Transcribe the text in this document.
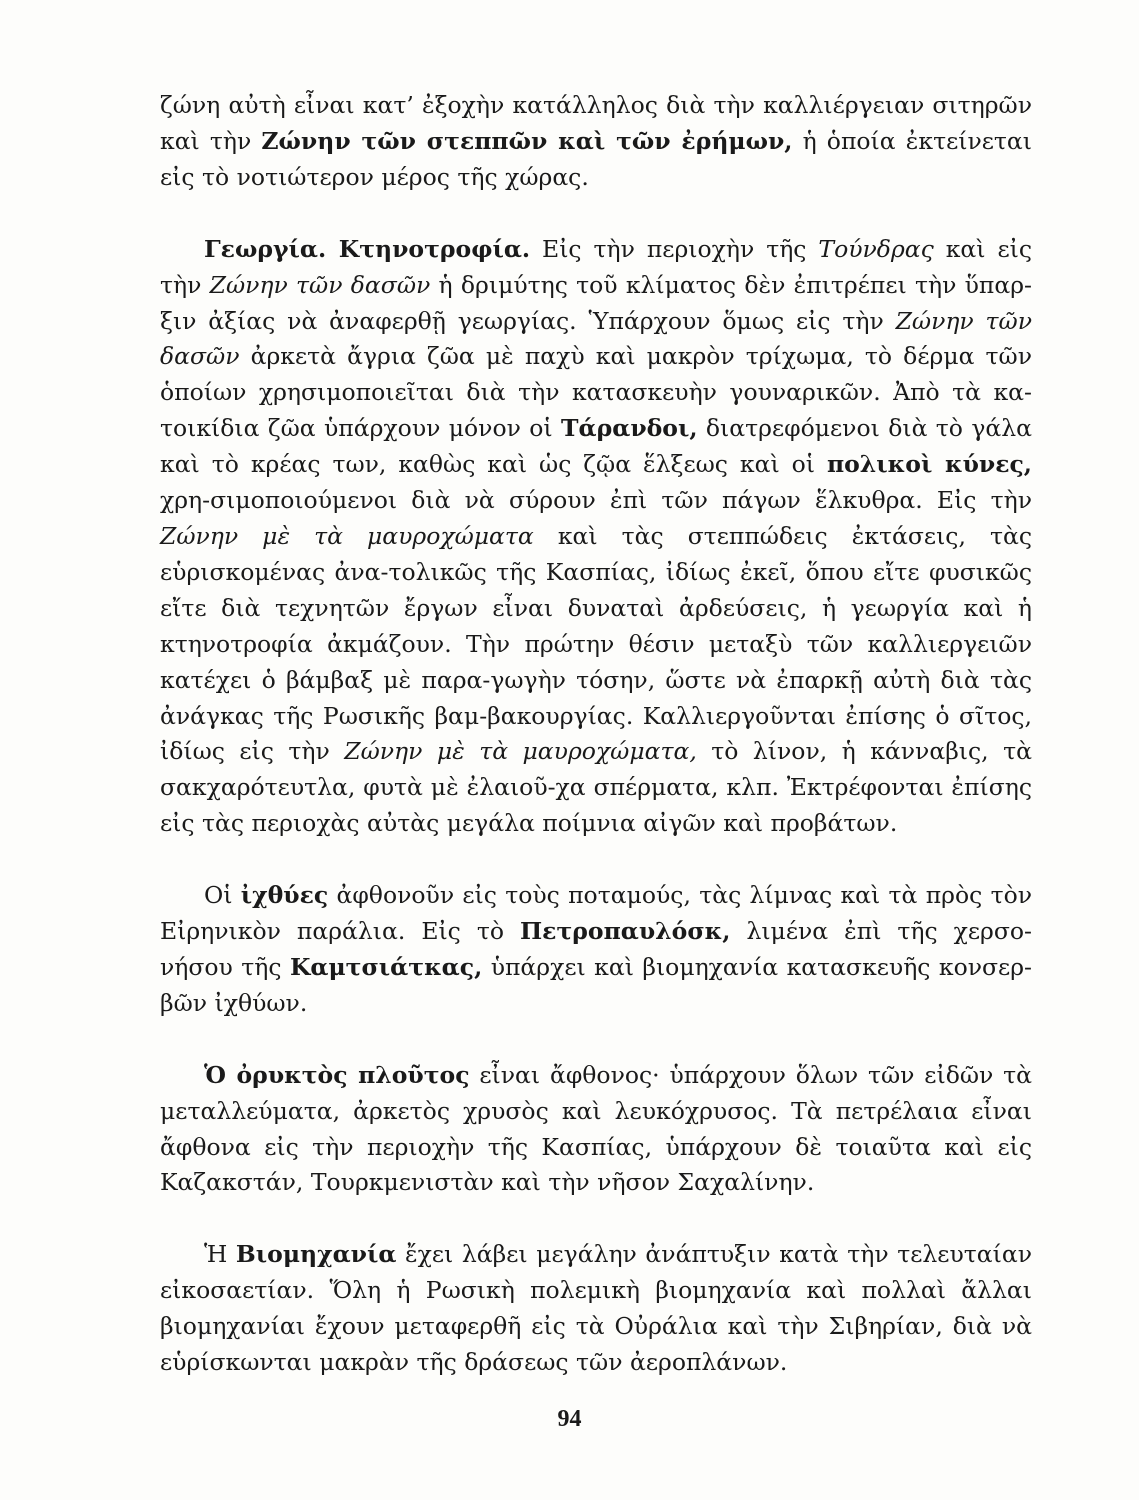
ζώνη αὐτὴ εἶναι κατ’ ἐξοχὴν κατάλληλος διὰ τὴν καλλιέργειαν σιτηρῶν καὶ τὴν Ζώνην τῶν στεππῶν καὶ τῶν ἐρήμων, ἡ ὁποία ἐκτείνεται εἰς τὸ νοτιώτερον μέρος τῆς χώρας.

Γεωργία. Κτηνοτροφία. Εἰς τὴν περιοχὴν τῆς Τούνδρας καὶ εἰς τὴν Ζώνην τῶν δασῶν ἡ δριμύτης τοῦ κλίματος δὲν ἐπιτρέπει τὴν ὕπαρ-ξιν ἀξίας νὰ ἀναφερθῇ γεωργίας. Ὑπάρχουν ὅμως εἰς τὴν Ζώνην τῶν δασῶν ἀρκετὰ ἄγρια ζῶα μὲ παχὺ καὶ μακρὸν τρίχωμα, τὸ δέρμα τῶν ὁποίων χρησιμοποιεῖται διὰ τὴν κατασκευὴν γουναρικῶν. Ἀπὸ τὰ κα-τοικίδια ζῶα ὑπάρχουν μόνον οἱ Τάρανδοι, διατρεφόμενοι διὰ τὸ γάλα καὶ τὸ κρέας των, καθὼς καὶ ὡς ζῷα ἕλξεως καὶ οἱ πολικοὶ κύνες, χρη-σιμοποιούμενοι διὰ νὰ σύρουν ἐπὶ τῶν πάγων ἕλκυθρα. Εἰς τὴν Ζώνην μὲ τὰ μαυροχώματα καὶ τὰς στεππώδεις ἐκτάσεις, τὰς εὑρισκομένας ἀνα-τολικῶς τῆς Κασπίας, ἰδίως ἐκεῖ, ὅπου εἴτε φυσικῶς εἴτε διὰ τεχνητῶν ἔργων εἶναι δυναταὶ ἀρδεύσεις, ἡ γεωργία καὶ ἡ κτηνοτροφία ἀκμάζουν. Τὴν πρώτην θέσιν μεταξὺ τῶν καλλιεργειῶν κατέχει ὁ βάμβαξ μὲ παρα-γωγὴν τόσην, ὥστε νὰ ἐπαρκῇ αὐτὴ διὰ τὰς ἀνάγκας τῆς Ρωσικῆς βαμ-βακουργίας. Καλλιεργοῦνται ἐπίσης ὁ σῖτος, ἰδίως εἰς τὴν Ζώνην μὲ τὰ μαυροχώματα, τὸ λίνον, ἡ κάνναβις, τὰ σακχαρότευτλα, φυτὰ μὲ ἐλαιοῦ-χα σπέρματα, κλπ. Ἐκτρέφονται ἐπίσης εἰς τὰς περιοχὰς αὐτὰς μεγάλα ποίμνια αἰγῶν καὶ προβάτων.

Οἱ ἰχθύες ἀφθονοῦν εἰς τοὺς ποταμούς, τὰς λίμνας καὶ τὰ πρὸς τὸν Εἰρηνικὸν παράλια. Εἰς τὸ Πετροπαυλόσκ, λιμένα ἐπὶ τῆς χερσο-νήσου τῆς Καμτσιάτκας, ὑπάρχει καὶ βιομηχανία κατασκευῆς κονσερ-βῶν ἰχθύων.

Ὁ ὀρυκτὸς πλοῦτος εἶναι ἄφθονος· ὑπάρχουν ὅλων τῶν εἰδῶν τὰ μεταλλεύματα, ἀρκετὸς χρυσὸς καὶ λευκόχρυσος. Τὰ πετρέλαια εἶναι ἄφθονα εἰς τὴν περιοχὴν τῆς Κασπίας, ὑπάρχουν δὲ τοιαῦτα καὶ εἰς Καζακστάν, Τουρκμενιστὰν καὶ τὴν νῆσον Σαχαλίνην.

Ἡ Βιομηχανία ἔχει λάβει μεγάλην ἀνάπτυξιν κατὰ τὴν τελευταίαν εἰκοσαετίαν. Ὅλη ἡ Ρωσικὴ πολεμικὴ βιομηχανία καὶ πολλαὶ ἄλλαι βιομηχανίαι ἔχουν μεταφερθῆ εἰς τὰ Οὐράλια καὶ τὴν Σιβηρίαν, διὰ νὰ εὑρίσκωνται μακρὰν τῆς δράσεως τῶν ἀεροπλάνων.

94
